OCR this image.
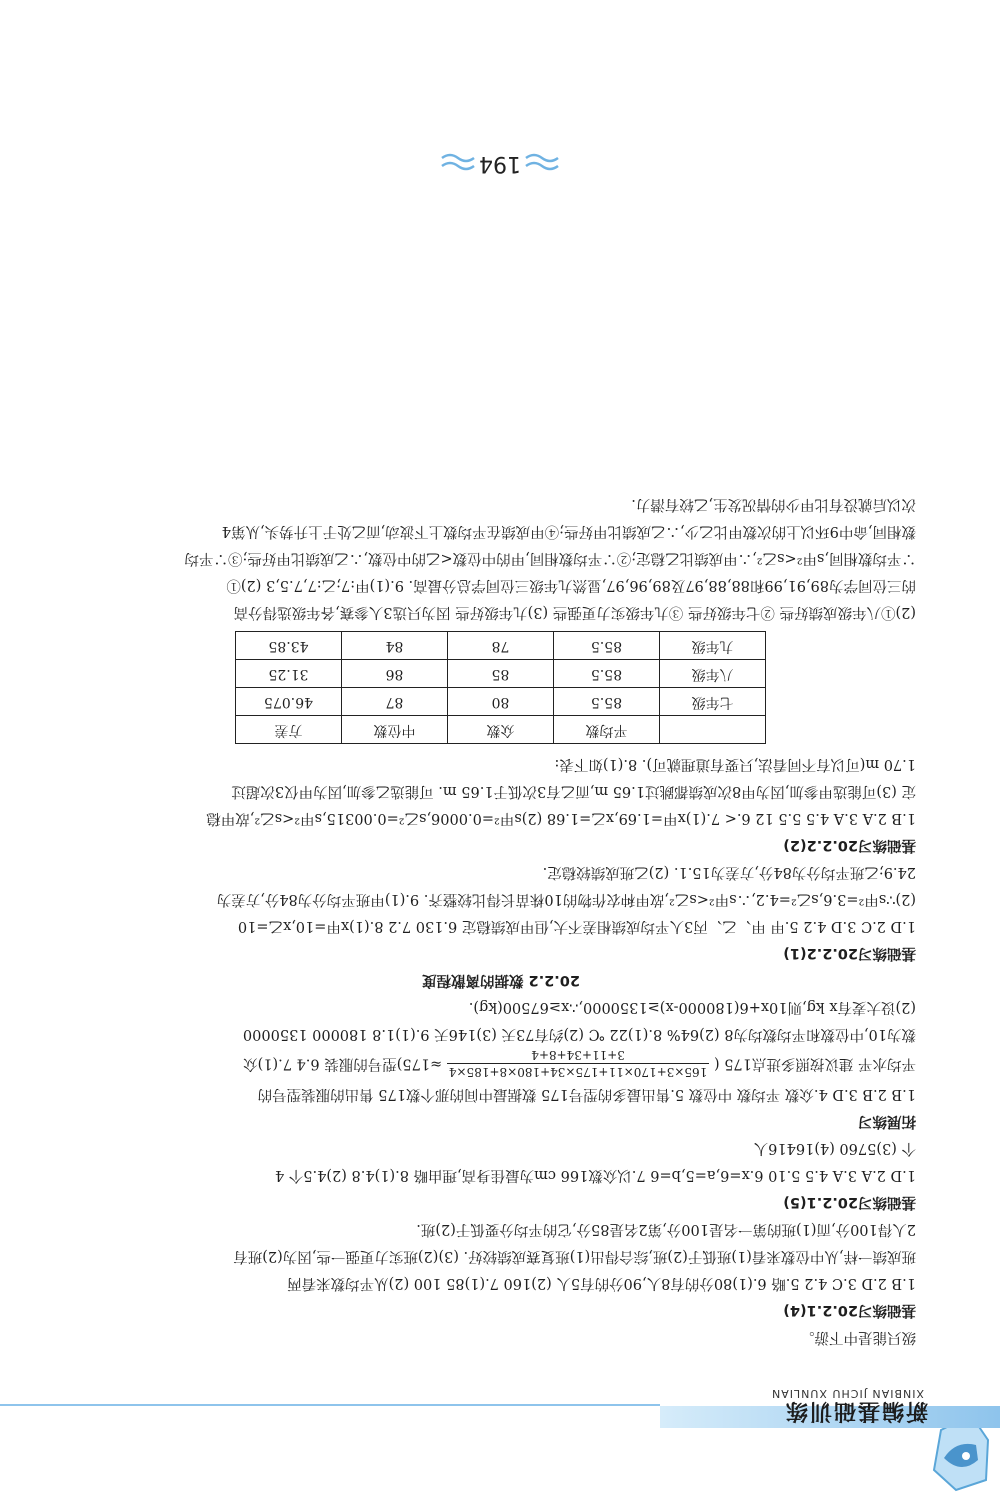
新编基础训练
XINBIAN JICHU XUNLIAN

级只能是中下游。

基础练习20.2.1(4)

1.B 2.D 3.C 4.2 5.略 6.(1)80分的有8人,90分的有5人 (2)160 7.(1)85 100 (2)从平均数来看两

班成绩一样,从中位数来看(1)班低于(2)班,综合得出(1)班复赛成绩较好. (3)(2)班实力更强一些,因为(2)班有

2人得100分,而(1)班的第一名是100分,第2名是85分,它的平均分要低于(2)班.

基础练习20.2.1(5)

1.D 2.A 3.A 4.5 5.10 6.x=6,a=5,b=6 7.以众数166 cm为最佳身高,理由略 8.(1)4.8 (2)4.5个 4

个 (3)5760 (4)16416人

拓展练习

1.B 2.B 3.D 4.众数 平均数 中位数 5.售出最多的型号175 数据最中间的那个数175 售出的服装型号的

平均水平 建议按照多进点175 (
165×3+170×11+175×34+180×8+185×4
3+11+34+8+4
≈175)型号的服装 6.4 7.(1)众

数为10,中位数和平均数均为8 (2)64% 8.(1)22 ℃ (2)约有73天 (3)146天 9.(1)1.8 180000 1350000

(2)设大麦有x kg,则10x+6(180000-x)≥1350000,∴x≥67500(kg).

20.2.2 数据的离散程度

基础练习20.2.2(1)

1.D 2.C 3.D 4.2 5.甲 甲、乙、丙3人平均成绩相差不大,但甲成绩稳定 6.130 7.2 8.(1)x甲=10,x乙=10

(2)∵s甲²=3.6,s乙²=4.2,∴s甲²<s乙²,故甲种农作物的10株苗长得比较整齐. 9.(1)甲班平均分为84分,方差为

24.9;乙班平均分为84分,方差为15.1. (2)乙班成绩较稳定.

基础练习20.2.2(2)

1.B 2.A 3.A 4.5 5.5 12 6.< 7.(1)x甲=1.69,x乙=1.68 (2)s甲²=0.0006,s乙²=0.00315,s甲²<s乙²,故甲稳

定 (3)可能选甲参加,因为甲8次成绩都跳过1.65 m,而乙有3次低于1.65 m. 可能选乙参加,因为甲仅3次超过

1.70 m(可以有不同看法,只要有道理就可). 8.(1)如下表:

	平均数	众数	中位数	方差
七年级	85.5	80	87	46.075
八年级	85.5	85	86	31.25
九年级	85.5	78	84	43.85

(2)①八年级成绩好些 ②七年级好些 ③九年级实力更强些 (3)九年级好些 因为只选3人参赛,各年级选得分高

的三位同学为89,91,99和88,88,97及89,96,97,显然九年级三位同学总分最高. 9.(1)甲:7;乙:7,7.5,3 (2)①

∵平均数相同,s甲²<s乙²,∴甲成绩比乙稳定;②∵平均数相同,甲的中位数<乙的中位数,∴乙成绩比甲好些;③∵平均

数相同,命中9环以上的次数甲比乙少,∴乙成绩比甲好些;④甲成绩在平均数上下波动,而乙处于上升势头,从第4

次以后就没有比甲少的情况发生,乙较有潜力.

194
